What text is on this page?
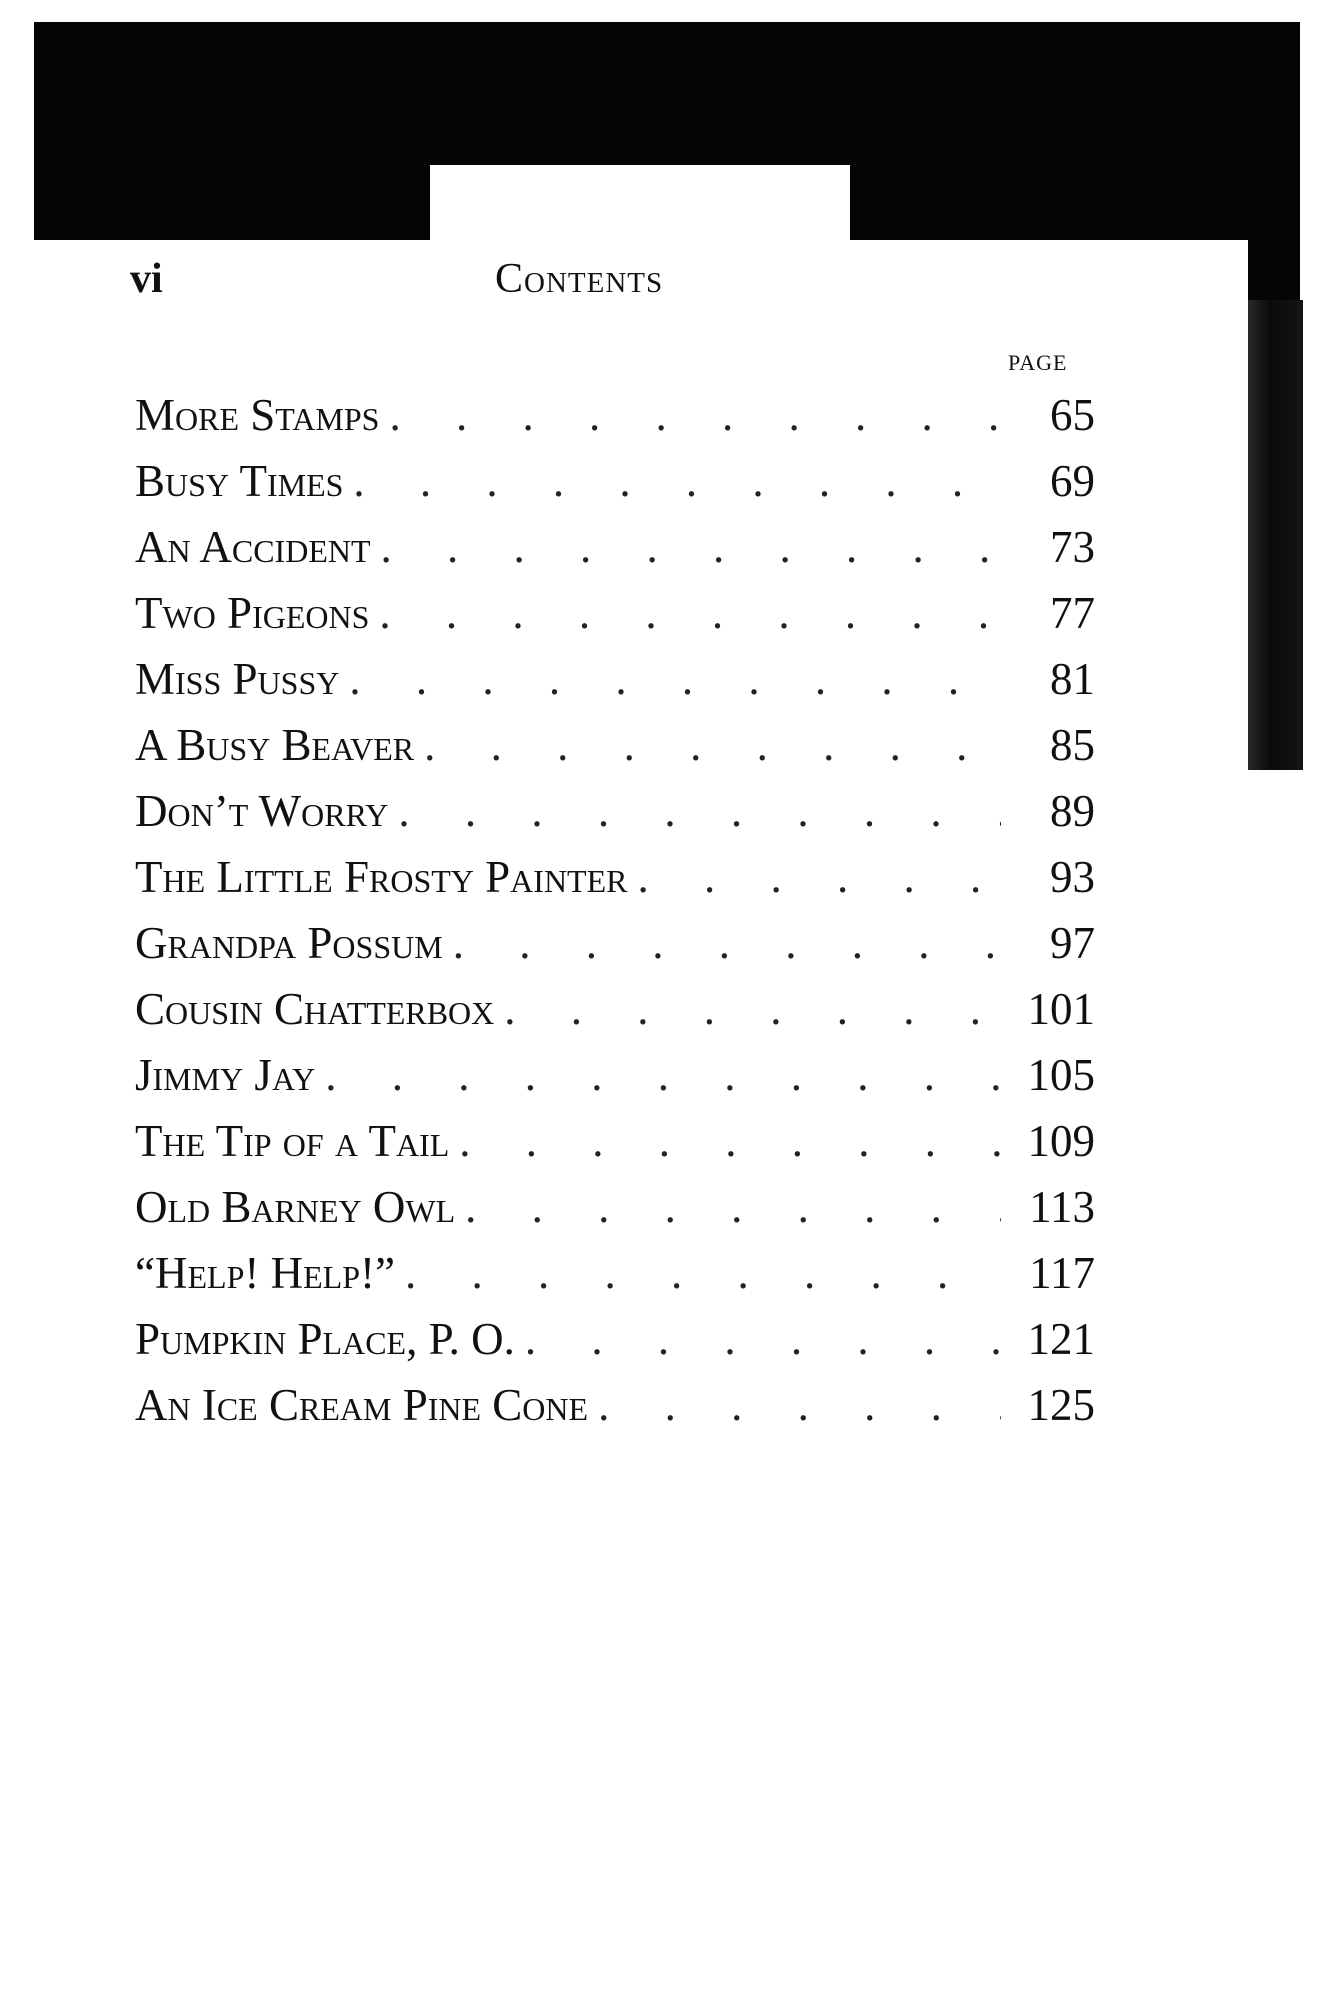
vi	Contents
PAGE
More Stamps . . .	65
Busy Times . . .	69
An Accident . . .	73
Two Pigeons . . .	77
Miss Pussy . . .	81
A Busy Beaver . . .	85
Don’t Worry . . .	89
The Little Frosty Painter . . .	93
Grandpa Possum . . .	97
Cousin Chatterbox . . .	101
Jimmy Jay . . .	105
The Tip of a Tail . . .	109
Old Barney Owl . . .	113
“Help! Help!” . . .	117
Pumpkin Place, P. O. . . .	121
An Ice Cream Pine Cone . . .	125
